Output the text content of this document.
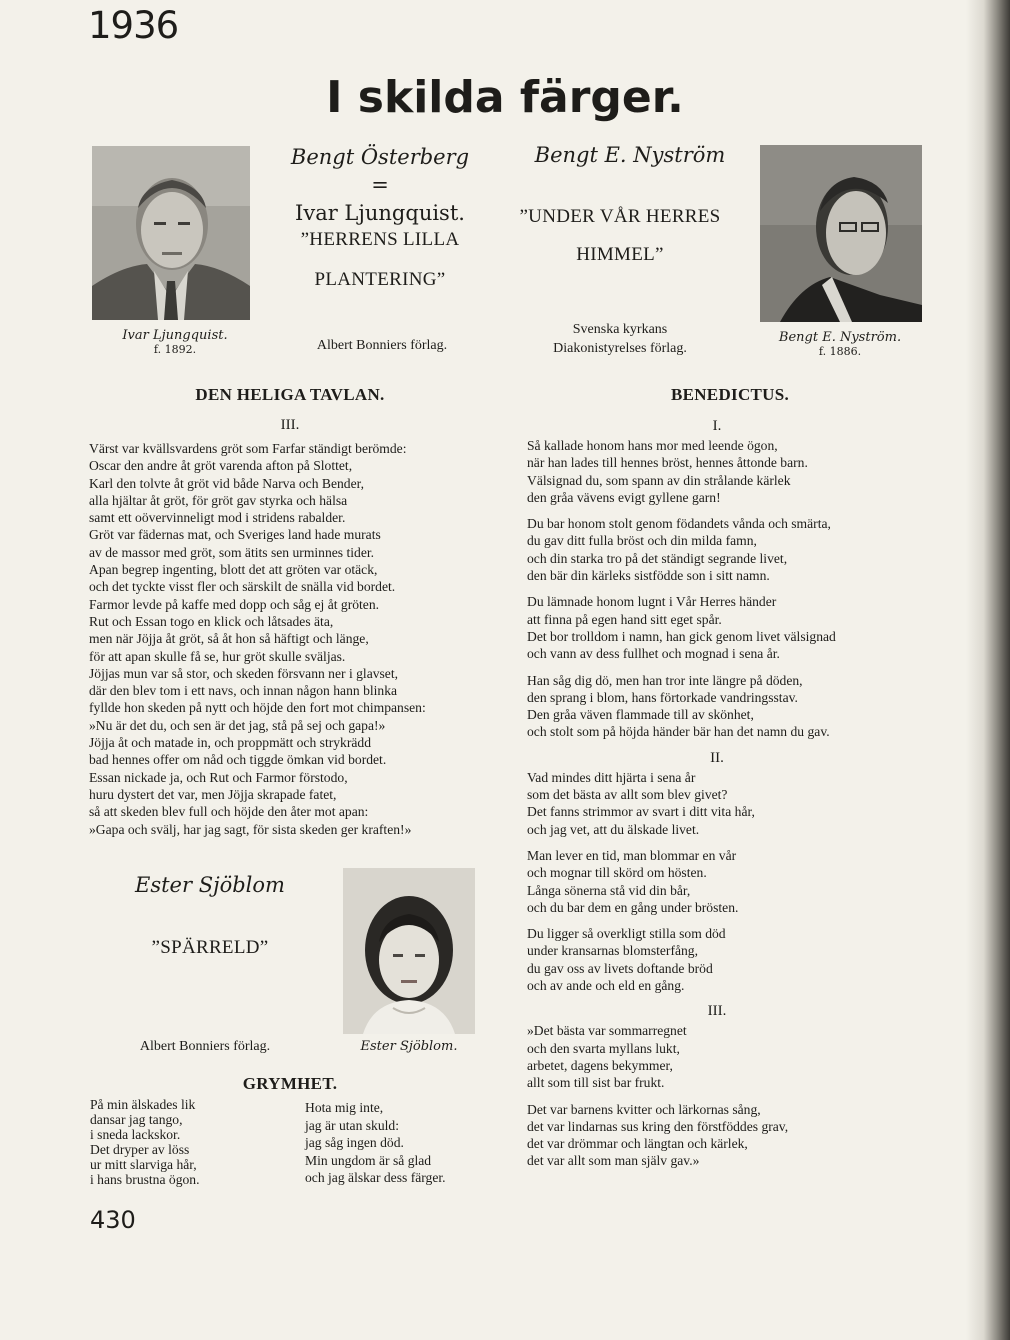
1936
I skilda färger.
Ivar Ljungquist.
f. 1892.
Bengt Österberg =
Ivar Ljungquist.
”HERRENS LILLA
PLANTERING”
Albert Bonniers förlag.
Bengt E. Nyström
”UNDER VÅR HERRES
HIMMEL”
Svenska kyrkans
Diakonistyrelses förlag.
Bengt E. Nyström.
f. 1886.
DEN HELIGA TAVLAN.
III.
Värst var kvällsvardens gröt som Farfar ständigt berömde:
Oscar den andre åt gröt varenda afton på Slottet,
Karl den tolvte åt gröt vid både Narva och Bender,
alla hjältar åt gröt, för gröt gav styrka och hälsa
samt ett oövervinneligt mod i stridens rabalder.
Gröt var fädernas mat, och Sveriges land hade murats
av de massor med gröt, som ätits sen urminnes tider.
Apan begrep ingenting, blott det att gröten var otäck,
och det tyckte visst fler och särskilt de snälla vid bordet.
Farmor levde på kaffe med dopp och såg ej åt gröten.
Rut och Essan togo en klick och låtsades äta,
men när Jöjja åt gröt, så åt hon så häftigt och länge,
för att apan skulle få se, hur gröt skulle sväljas.
Jöjjas mun var så stor, och skeden försvann ner i glavset,
där den blev tom i ett navs, och innan någon hann blinka
fyllde hon skeden på nytt och höjde den fort mot chimpansen:
»Nu är det du, och sen är det jag, stå på sej och gapa!»
Jöjja åt och matade in, och proppmätt och strykrädd
bad hennes offer om nåd och tiggde ömkan vid bordet.
Essan nickade ja, och Rut och Farmor förstodo,
huru dystert det var, men Jöjja skrapade fatet,
så att skeden blev full och höjde den åter mot apan:
»Gapa och svälj, har jag sagt, för sista skeden ger kraften!»
Ester Sjöblom
”SPÄRRELD”
Albert Bonniers förlag.	Ester Sjöblom.
GRYMHET.
På min älskades lik
dansar jag tango,
i sneda lackskor.
Det dryper av löss
ur mitt slarviga hår,
i hans brustna ögon.
Hota mig inte,
jag är utan skuld:
jag såg ingen död.
Min ungdom är så glad
och jag älskar dess färger.
BENEDICTUS.
I.
Så kallade honom hans mor med leende ögon,
när han lades till hennes bröst, hennes åttonde barn.
Välsignad du, som spann av din strålande kärlek
den gråa vävens evigt gyllene garn!
Du bar honom stolt genom födandets vånda och smärta,
du gav ditt fulla bröst och din milda famn,
och din starka tro på det ständigt segrande livet,
den bär din kärleks sistfödde son i sitt namn.
Du lämnade honom lugnt i Vår Herres händer
att finna på egen hand sitt eget spår.
Det bor trolldom i namn, han gick genom livet välsignad
och vann av dess fullhet och mognad i sena år.
Han såg dig dö, men han tror inte längre på döden,
den sprang i blom, hans förtorkade vandringsstav.
Den gråa väven flammade till av skönhet,
och stolt som på höjda händer bär han det namn du gav.
II.
Vad mindes ditt hjärta i sena år
som det bästa av allt som blev givet?
Det fanns strimmor av svart i ditt vita hår,
och jag vet, att du älskade livet.
Man lever en tid, man blommar en vår
och mognar till skörd om hösten.
Långa sönerna stå vid din bår,
och du bar dem en gång under brösten.
Du ligger så overkligt stilla som död
under kransarnas blomsterfång,
du gav oss av livets doftande bröd
och av ande och eld en gång.
III.
»Det bästa var sommarregnet
och den svarta myllans lukt,
arbetet, dagens bekymmer,
allt som till sist bar frukt.
Det var barnens kvitter och lärkornas sång,
det var lindarnas sus kring den förstföddes grav,
det var drömmar och längtan och kärlek,
det var allt som man själv gav.»
430
